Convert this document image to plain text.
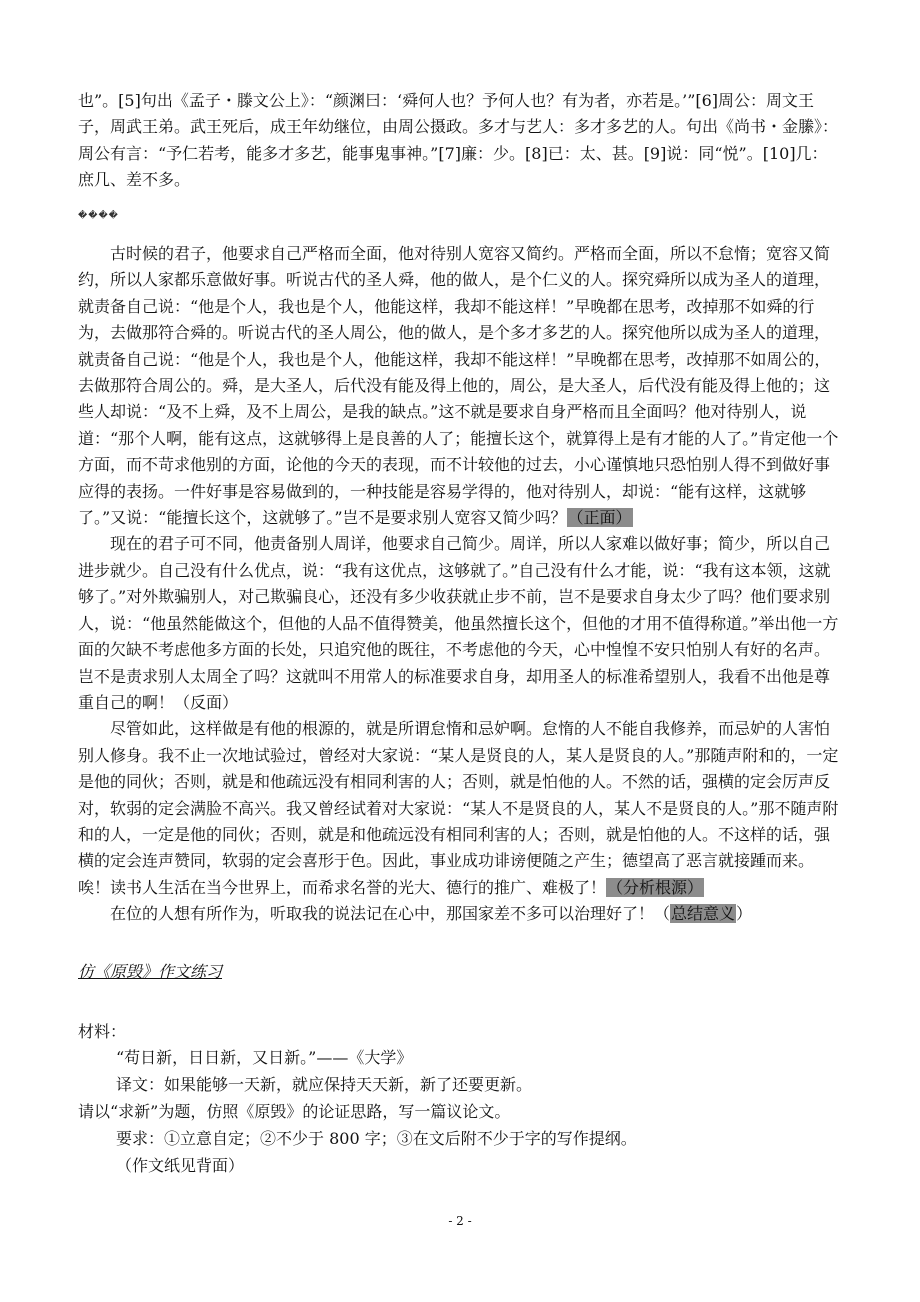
也”。[5]句出《孟子・滕文公上》：“颜渊曰：‘舜何人也？予何人也？有为者，亦若是。’”[6]周公：周文王子，周武王弟。武王死后，成王年幼继位，由周公摄政。多才与艺人：多才多艺的人。句出《尚书・金縢》：周公有言：“予仁若考，能多才多艺，能事鬼事神。”[7]廉：少。[8]已：太、甚。[9]说：同“悦”。[10]几：庶几、差不多。

����

古时候的君子，他要求自己严格而全面，他对待别人宽容又简约。严格而全面，所以不怠惰；宽容又简约，所以人家都乐意做好事。听说古代的圣人舜，他的做人，是个仁义的人。探究舜所以成为圣人的道理，就责备自己说：“他是个人，我也是个人，他能这样，我却不能这样！”早晚都在思考，改掉那不如舜的行为，去做那符合舜的。听说古代的圣人周公，他的做人，是个多才多艺的人。探究他所以成为圣人的道理，就责备自己说：“他是个人，我也是个人，他能这样，我却不能这样！”早晚都在思考，改掉那不如周公的，去做那符合周公的。舜，是大圣人，后代没有能及得上他的，周公，是大圣人，后代没有能及得上他的；这些人却说：“及不上舜，及不上周公，是我的缺点。”这不就是要求自身严格而且全面吗？他对待别人，说道：“那个人啊，能有这点，这就够得上是良善的人了；能擅长这个，就算得上是有才能的人了。”肯定他一个方面，而不苛求他别的方面，论他的今天的表现，而不计较他的过去，小心谨慎地只恐怕别人得不到做好事应得的表扬。一件好事是容易做到的，一种技能是容易学得的，他对待别人，却说：“能有这样，这就够了。”又说：“能擅长这个，这就够了。”岂不是要求别人宽容又简少吗？（正面）

现在的君子可不同，他责备别人周详，他要求自己简少。周详，所以人家难以做好事；简少，所以自己进步就少。自己没有什么优点，说：“我有这优点，这够就了。”自己没有什么才能，说：“我有这本领，这就够了。”对外欺骗别人，对己欺骗良心，还没有多少收获就止步不前，岂不是要求自身太少了吗？他们要求别人，说：“他虽然能做这个，但他的人品不值得赞美，他虽然擅长这个，但他的才用不值得称道。”举出他一方面的欠缺不考虑他多方面的长处，只追究他的既往，不考虑他的今天，心中惶惶不安只怕别人有好的名声。岂不是责求别人太周全了吗？这就叫不用常人的标准要求自身，却用圣人的标准希望别人，我看不出他是尊重自己的啊！（反面）

尽管如此，这样做是有他的根源的，就是所谓怠惰和忌妒啊。怠惰的人不能自我修养，而忌妒的人害怕别人修身。我不止一次地试验过，曾经对大家说：“某人是贤良的人，某人是贤良的人。”那随声附和的，一定是他的同伙；否则，就是和他疏远没有相同利害的人；否则，就是怕他的人。不然的话，强横的定会厉声反对，软弱的定会满脸不高兴。我又曾经试着对大家说：“某人不是贤良的人，某人不是贤良的人。”那不随声附和的人，一定是他的同伙；否则，就是和他疏远没有相同利害的人；否则，就是怕他的人。不这样的话，强横的定会连声赞同，软弱的定会喜形于色。因此，事业成功诽谤便随之产生；德望高了恶言就接踵而来。唉！读书人生活在当今世界上，而希求名誉的光大、德行的推广、难极了！（分析根源）

在位的人想有所作为，听取我的说法记在心中，那国家差不多可以治理好了！（总结意义）

仿《原毁》作文练习
材料：
“苟日新，日日新，又日新。”——《大学》
译文：如果能够一天新，就应保持天天新，新了还要更新。
请以“求新”为题，仿照《原毁》的论证思路，写一篇议论文。
要求：①立意自定；②不少于 800 字；③在文后附不少于字的写作提纲。
（作文纸见背面）
- 2 -
